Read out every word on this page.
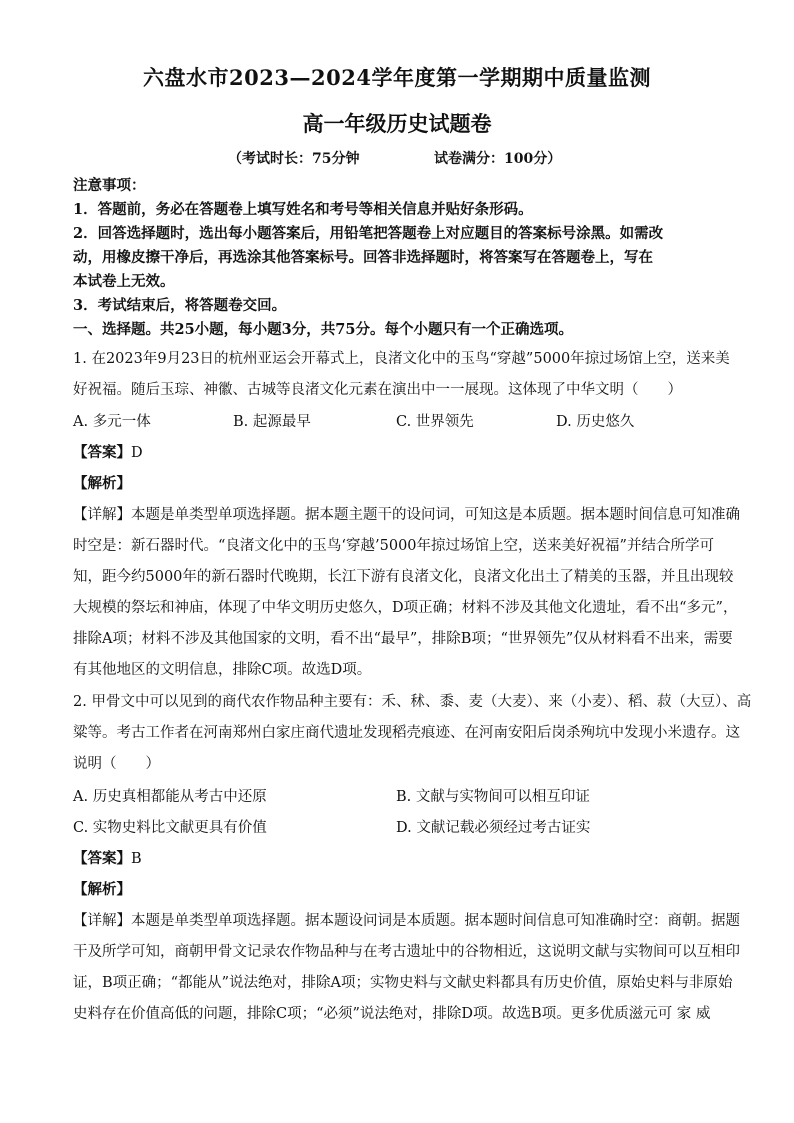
六盘水市2023—2024学年度第一学期期中质量监测
高一年级历史试题卷
（考试时长：75分钟	试卷满分：100分）
注意事项：
1．答题前，务必在答题卷上填写姓名和考号等相关信息并贴好条形码。
2．回答选择题时，选出每小题答案后，用铅笔把答题卷上对应题目的答案标号涂黑。如需改
动，用橡皮擦干净后，再选涂其他答案标号。回答非选择题时，将答案写在答题卷上，写在
本试卷上无效。
3．考试结束后，将答题卷交回。
一、选择题。共25小题，每小题3分，共75分。每个小题只有一个正确选项。
1. 在2023年9月23日的杭州亚运会开幕式上，良渚文化中的玉鸟“穿越”5000年掠过场馆上空，送来美
好祝福。随后玉琮、神徽、古城等良渚文化元素在演出中一一展现。这体现了中华文明（　　）
A. 多元一体	B. 起源最早	C. 世界领先	D. 历史悠久
【答案】D
【解析】
【详解】本题是单类型单项选择题。据本题主题干的设问词，可知这是本质题。据本题时间信息可知准确
时空是：新石器时代。“良渚文化中的玉鸟‘穿越’5000年掠过场馆上空，送来美好祝福”并结合所学可
知，距今约5000年的新石器时代晚期，长江下游有良渚文化，良渚文化出土了精美的玉器，并且出现较
大规模的祭坛和神庙，体现了中华文明历史悠久，D项正确；材料不涉及其他文化遗址，看不出“多元”，
排除A项；材料不涉及其他国家的文明，看不出“最早”，排除B项；“世界领先”仅从材料看不出来，需要
有其他地区的文明信息，排除C项。故选D项。
2. 甲骨文中可以见到的商代农作物品种主要有：禾、秫、黍、麦（大麦）、来（小麦）、稻、菽（大豆）、高
粱等。考古工作者在河南郑州白家庄商代遗址发现稻壳痕迹、在河南安阳后岗杀殉坑中发现小米遗存。这
说明（　　）
A. 历史真相都能从考古中还原	B. 文献与实物间可以相互印证
C. 实物史料比文献更具有价值	D. 文献记载必须经过考古证实
【答案】B
【解析】
【详解】本题是单类型单项选择题。据本题设问词是本质题。据本题时间信息可知准确时空：商朝。据题
干及所学可知，商朝甲骨文记录农作物品种与在考古遗址中的谷物相近，这说明文献与实物间可以互相印
证，B项正确；“都能从”说法绝对，排除A项；实物史料与文献史料都具有历史价值，原始史料与非原始
史料存在价值高低的问题，排除C项；“必须”说法绝对，排除D项。故选B项。更多优质滋元可 家 威
